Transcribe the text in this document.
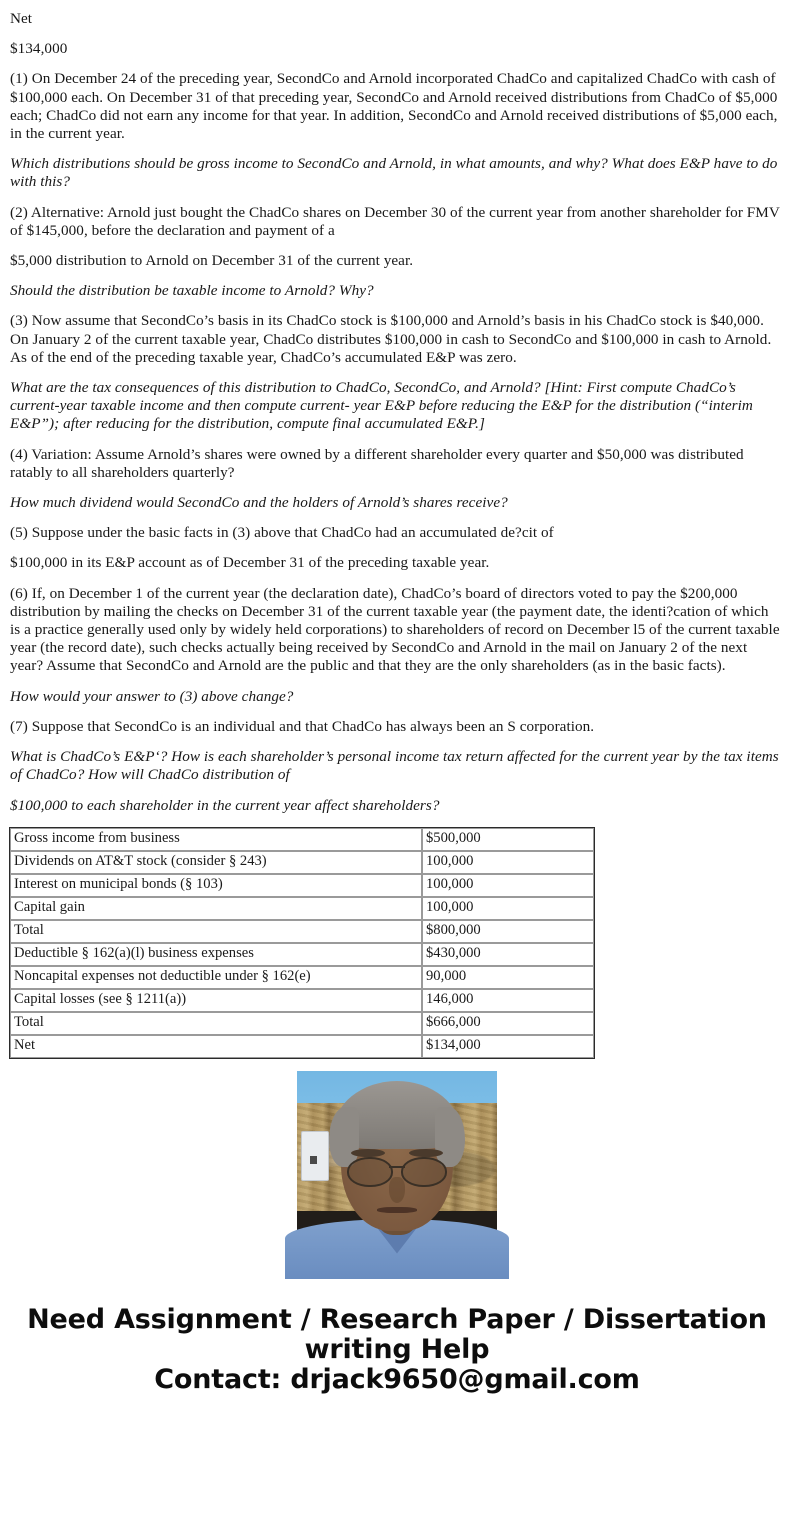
Net

$134,000

(1) On December 24 of the preceding year, SecondCo and Arnold incorporated ChadCo and capitalized ChadCo with cash of $100,000 each. On December 31 of that preceding year, SecondCo and Arnold received distributions from ChadCo of $5,000 each; ChadCo did not earn any income for that year. In addition, SecondCo and Arnold received distributions of $5,000 each, in the current year.

Which distributions should be gross income to SecondCo and Arnold, in what amounts, and why? What does E&P have to do with this?

(2) Alternative: Arnold just bought the ChadCo shares on December 30 of the current year from another shareholder for FMV of $145,000, before the declaration and payment of a

$5,000 distribution to Arnold on December 31 of the current year.

Should the distribution be taxable income to Arnold? Why?

(3) Now assume that SecondCo’s basis in its ChadCo stock is $100,000 and Arnold’s basis in his ChadCo stock is $40,000. On January 2 of the current taxable year, ChadCo distributes $100,000 in cash to SecondCo and $100,000 in cash to Arnold. As of the end of the preceding taxable year, ChadCo’s accumulated E&P was zero.

What are the tax consequences of this distribution to ChadCo, SecondCo, and Arnold? [Hint: First compute ChadCo’s current-year taxable income and then compute current- year E&P before reducing the E&P for the distribution (“interim E&P”); after reducing for the distribution, compute final accumulated E&P.]

(4) Variation: Assume Arnold’s shares were owned by a different shareholder every quarter and $50,000 was distributed ratably to all shareholders quarterly?

How much dividend would SecondCo and the holders of Arnold’s shares receive?

(5) Suppose under the basic facts in (3) above that ChadCo had an accumulated de?cit of

$100,000 in its E&P account as of December 31 of the preceding taxable year.

(6) If, on December 1 of the current year (the declaration date), ChadCo’s board of directors voted to pay the $200,000 distribution by mailing the checks on December 31 of the current taxable year (the payment date, the identi?cation of which is a practice generally used only by widely held corporations) to shareholders of record on December l5 of the current taxable year (the record date), such checks actually being received by SecondCo and Arnold in the mail on January 2 of the next year? Assume that SecondCo and Arnold are the public and that they are the only shareholders (as in the basic facts).

How would your answer to (3) above change?

(7) Suppose that SecondCo is an individual and that ChadCo has always been an S corporation.

What is ChadCo’s E&P‘? How is each shareholder’s personal income tax return affected for the current year by the tax items of ChadCo? How will ChadCo distribution of

$100,000 to each shareholder in the current year affect shareholders?

Gross income from business	$500,000
Dividends on AT&T stock (consider § 243)	100,000
Interest on municipal bonds (§ 103)	100,000
Capital gain	100,000
Total	$800,000
Deductible § 162(a)(l) business expenses	$430,000
Noncapital expenses not deductible under § 162(e)	90,000
Capital losses (see § 1211(a))	146,000
Total	$666,000
Net	$134,000
Need Assignment / Research Paper / Dissertation
writing Help
Contact: drjack9650@gmail.com
